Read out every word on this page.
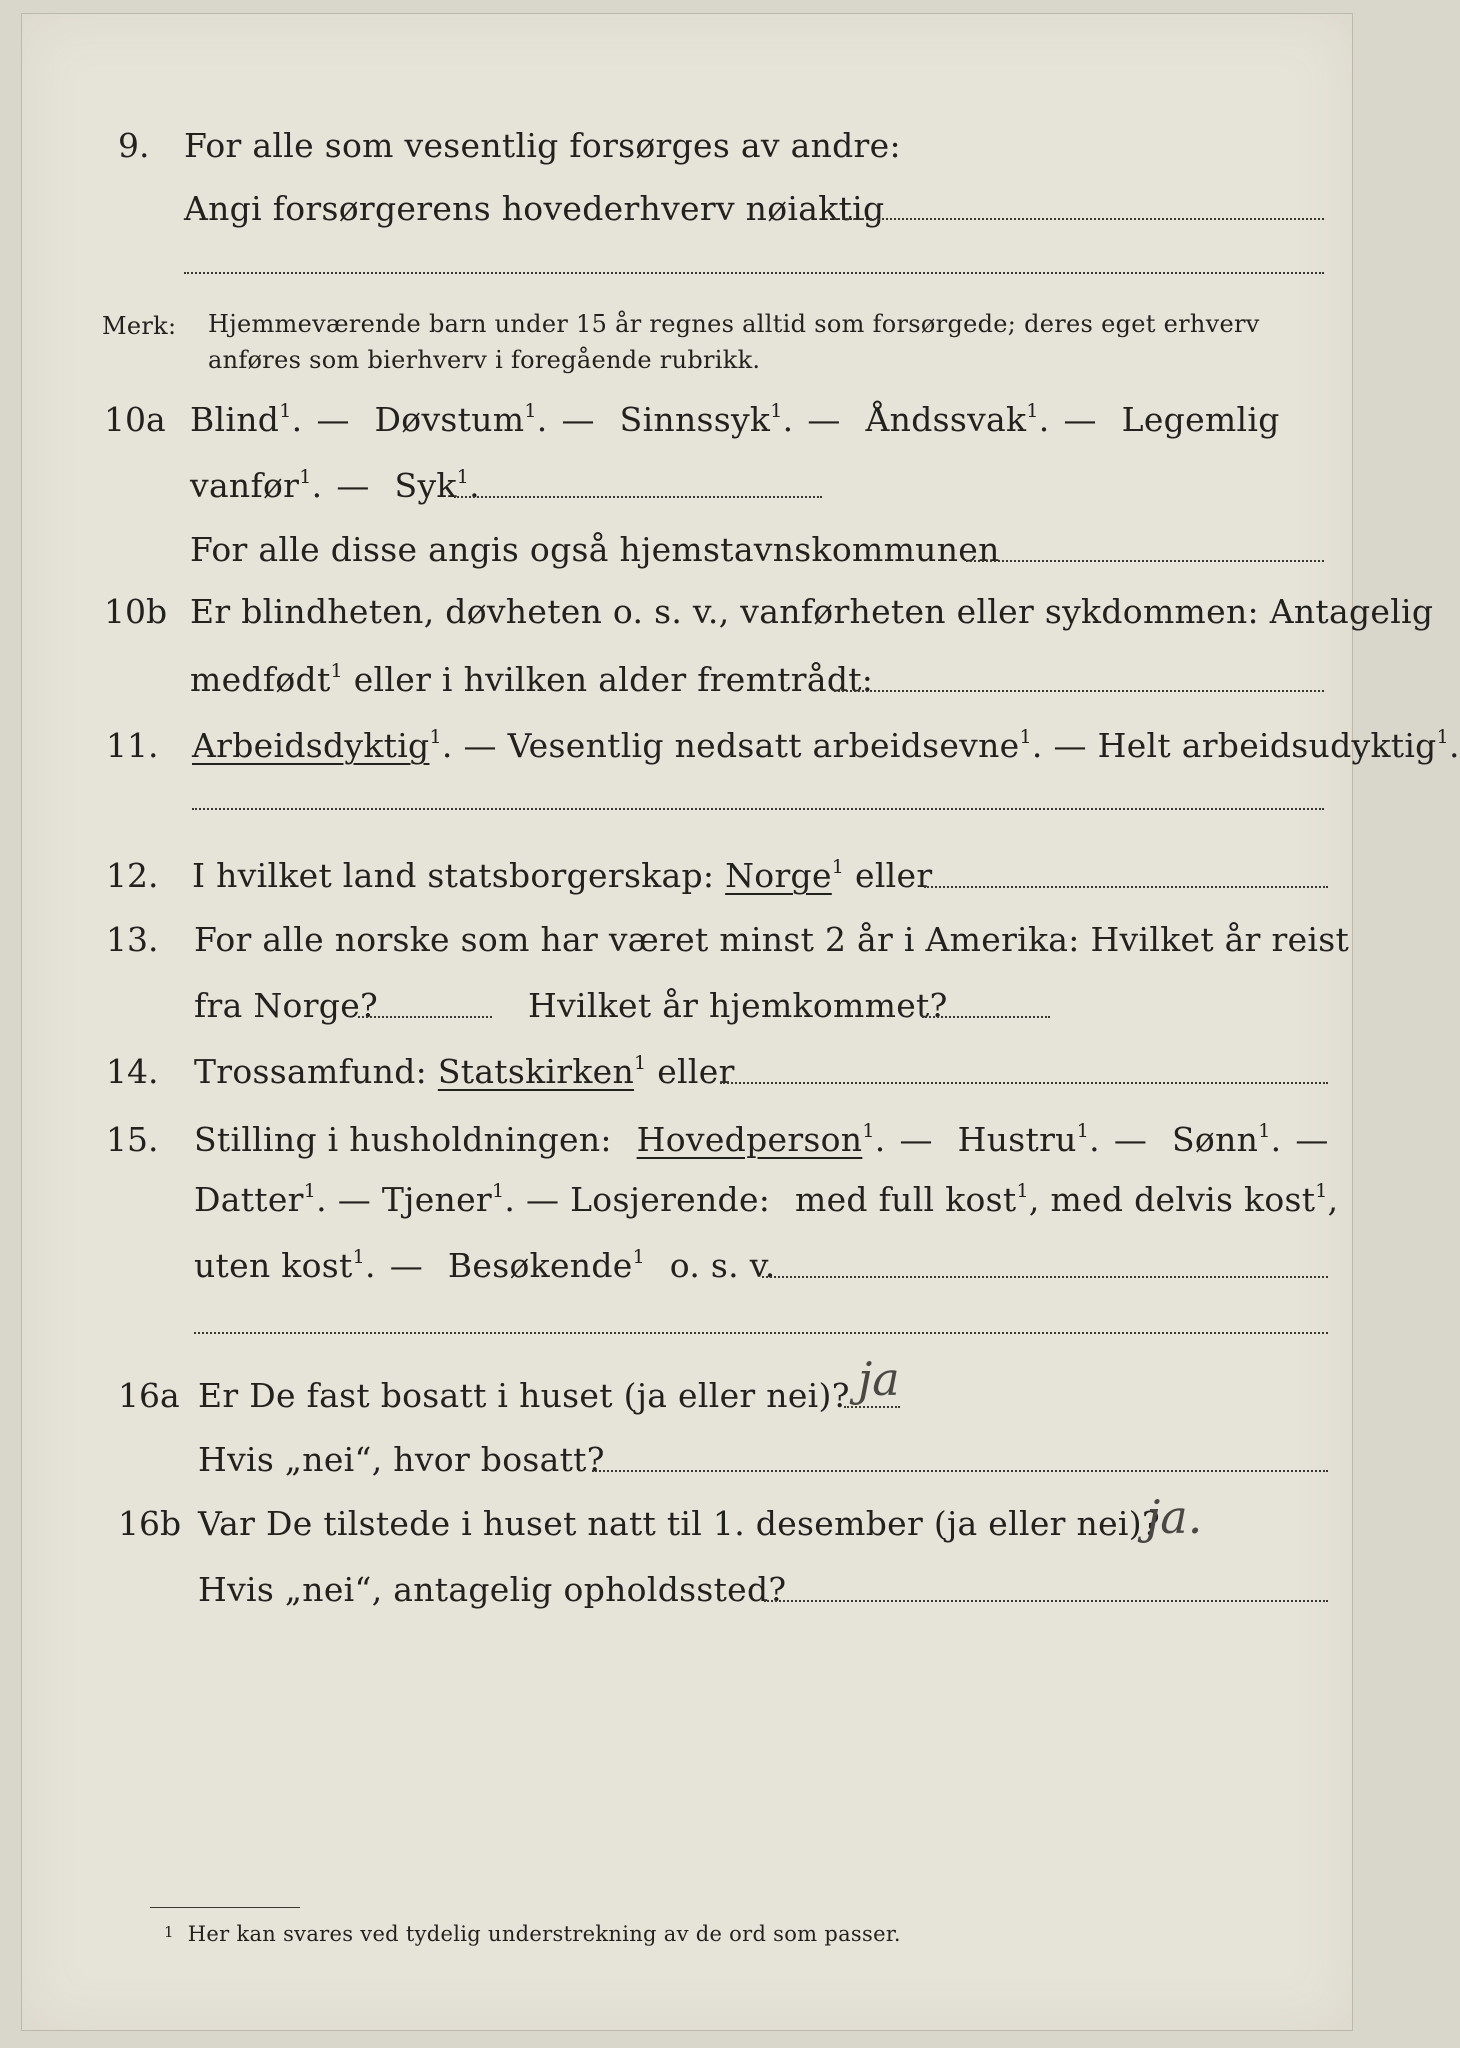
9. For alle som vesentlig forsørges av andre:
Angi forsørgerens hovederhverv nøiaktig
Merk: Hjemmeværende barn under 15 år regnes alltid som forsørgede; deres eget erhverv
anføres som bierhverv i foregående rubrikk.
10a Blind$^1$. — Døvstum$^1$. — Sinnssyk$^1$. — Åndssvak$^1$. — Legemlig
vanfør$^1$. — Syk$^1$.
For alle disse angis også hjemstavnskommunen
10b Er blindheten, døvheten o. s. v., vanførheten eller sykdommen: Antagelig
medfødt$^1$ eller i hvilken alder fremtrådt:
11. Arbeidsdyktig$^1$. — Vesentlig nedsatt arbeidsevne$^1$. — Helt arbeidsudyktig$^1$.
12. I hvilket land statsborgerskap: Norge$^1$ eller
13. For alle norske som har været minst 2 år i Amerika: Hvilket år reist
fra Norge?	Hvilket år hjemkommet?
14. Trossamfund: Statskirken$^1$ eller
15. Stilling i husholdningen: Hovedperson$^1$. — Hustru$^1$. — Sønn$^1$. —
Datter$^1$. — Tjener$^1$. — Losjerende: med full kost$^1$, med delvis kost$^1$,
uten kost$^1$. — Besøkende$^1$ o. s. v.
16a Er De fast bosatt i huset (ja eller nei)? ja
Hvis „nei“, hvor bosatt?
16b Var De tilstede i huset natt til 1. desember (ja eller nei)?
ja.
Hvis „nei“, antagelig opholdssted?
1 Her kan svares ved tydelig understrekning av de ord som passer.
